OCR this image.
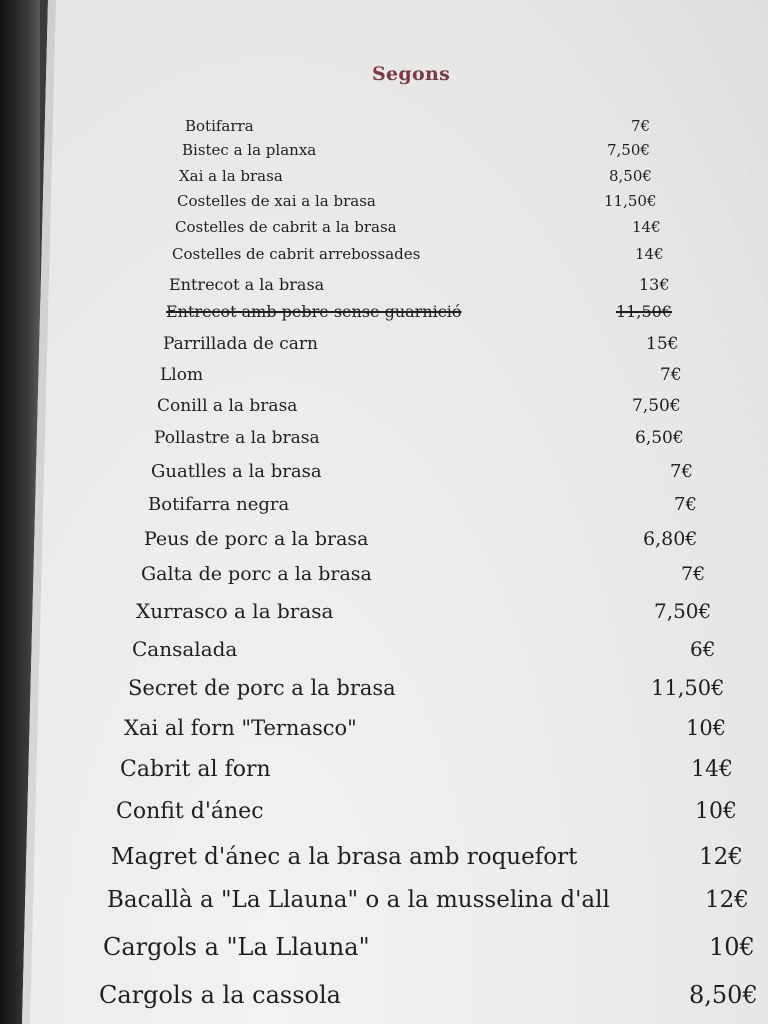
Segons
Botifarra	7€
Bistec a la planxa	7,50€
Xai a la brasa	8,50€
Costelles de xai a la brasa	11,50€
Costelles de cabrit a la brasa	14€
Costelles de cabrit arrebossades	14€
Entrecot a la brasa	13€
Entrecot amb pebre sense guarnició	11,50€
Parrillada de carn	15€
Llom	7€
Conill a la brasa	7,50€
Pollastre a la brasa	6,50€
Guatlles a la brasa	7€
Botifarra negra	7€
Peus de porc a la brasa	6,80€
Galta de porc a la brasa	7€
Xurrasco a la brasa	7,50€
Cansalada	6€
Secret de porc a la brasa	11,50€
Xai al forn "Ternasco"	10€
Cabrit al forn	14€
Confit d'ánec	10€
Magret d'ánec a la brasa amb roquefort	12€
Bacallà a "La Llauna" o a la musselina d'all	12€
Cargols a "La Llauna"	10€
Cargols a la cassola	8,50€
